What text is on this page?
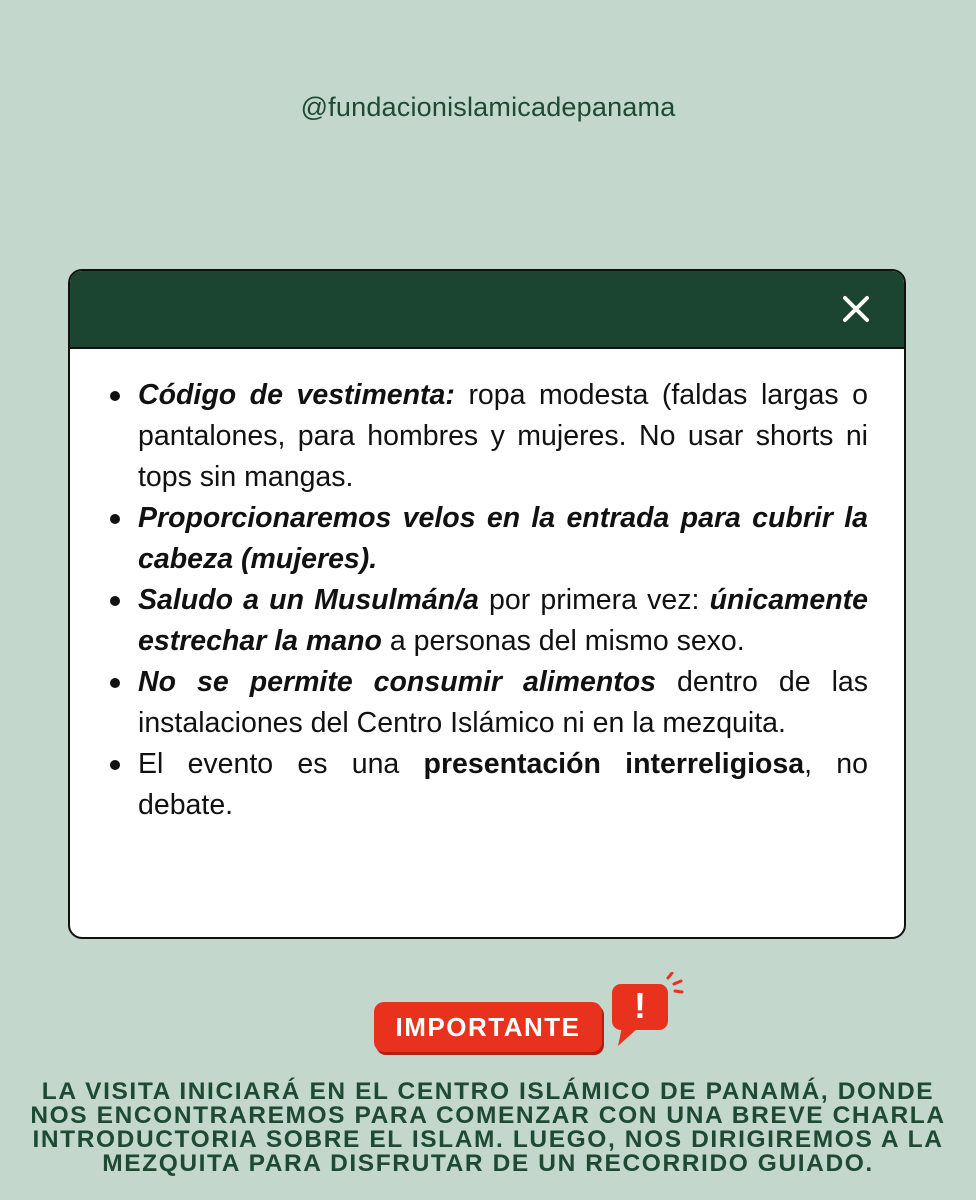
@fundacionislamicadepanama
Código de vestimenta: ropa modesta (faldas largas o pantalones, para hombres y mujeres. No usar shorts ni tops sin mangas.
Proporcionaremos velos en la entrada para cubrir la cabeza (mujeres).
Saludo a un Musulmán/a por primera vez: únicamente estrechar la mano a personas del mismo sexo.
No se permite consumir alimentos dentro de las instalaciones del Centro Islámico ni en la mezquita.
El evento es una presentación interreligiosa, no debate.
IMPORTANTE
!
LA VISITA INICIARÁ EN EL CENTRO ISLÁMICO DE PANAMÁ, DONDE
NOS ENCONTRAREMOS PARA COMENZAR CON UNA BREVE CHARLA
INTRODUCTORIA SOBRE EL ISLAM. LUEGO, NOS DIRIGIREMOS A LA
MEZQUITA PARA DISFRUTAR DE UN RECORRIDO GUIADO.
